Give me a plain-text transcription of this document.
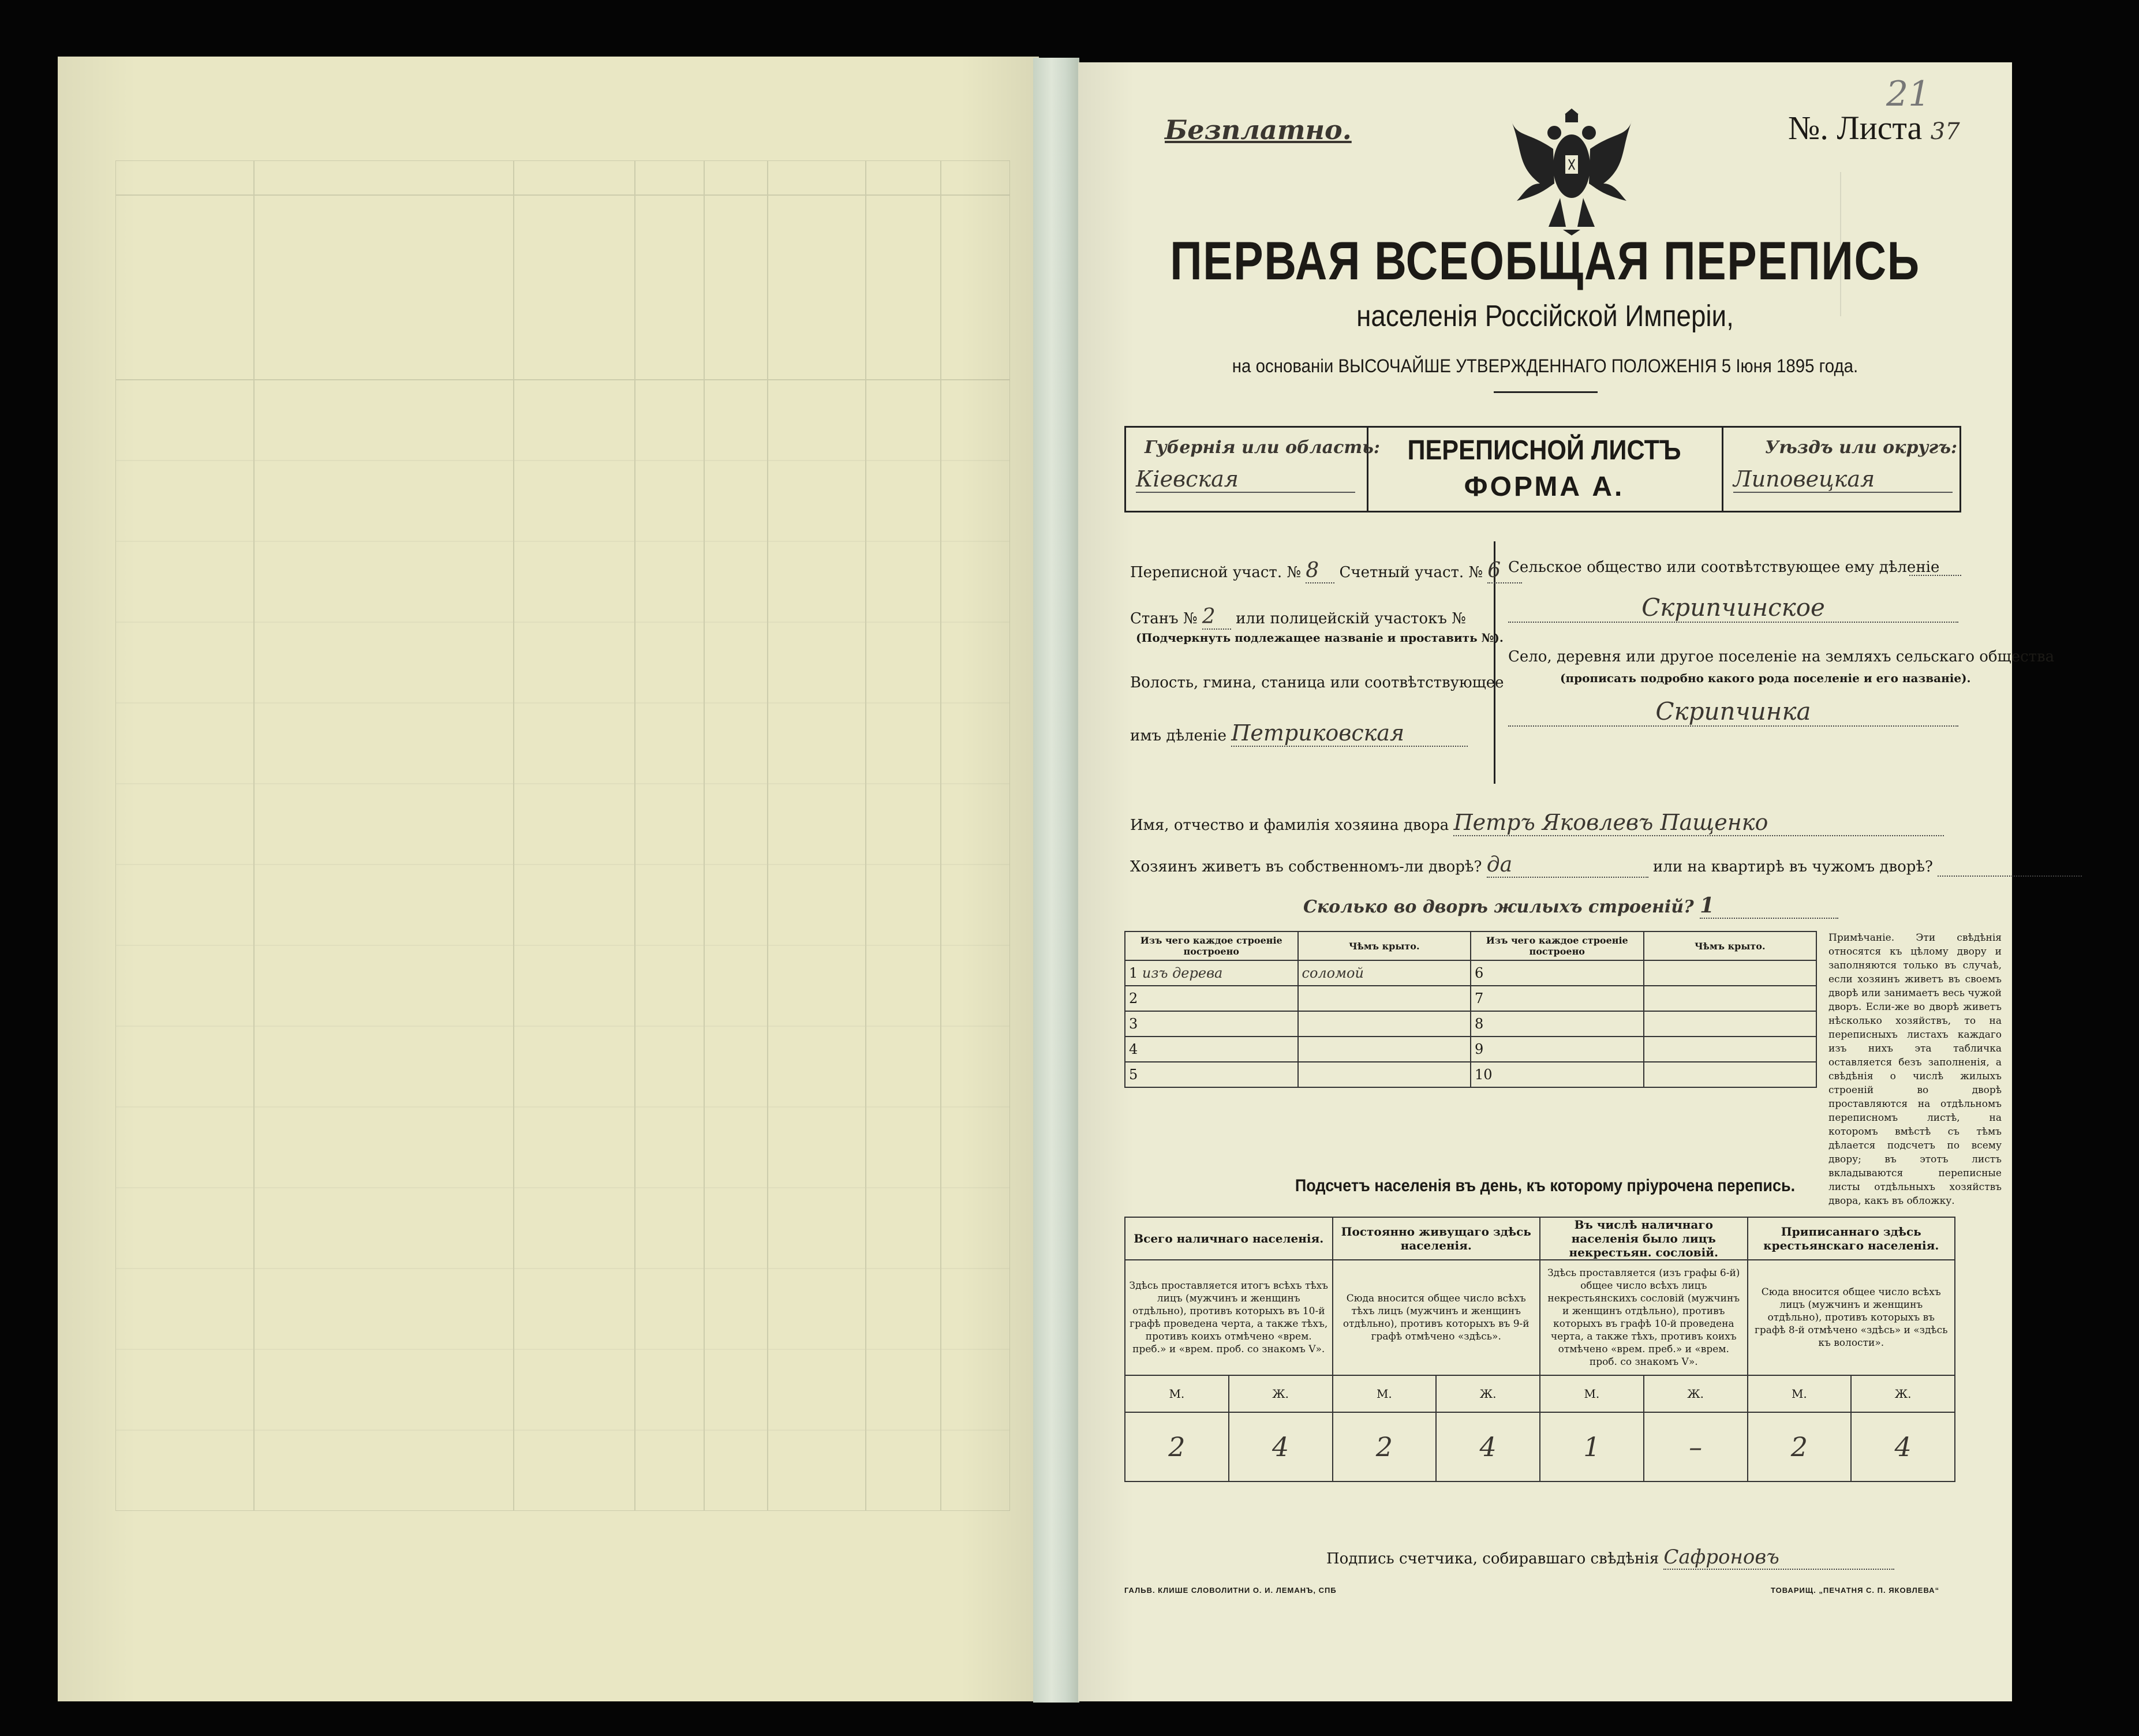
Безплатно.	№. Листа 37
21
ПЕРВАЯ ВСЕОБЩАЯ ПЕРЕПИСЬ
населенія Россійской Имперіи,
на основаніи ВЫСОЧАЙШЕ УТВЕРЖДЕННАГО ПОЛОЖЕНІЯ 5 Іюня 1895 года.
Губернія или область:
Кіевская
ПЕРЕПИСНОЙ ЛИСТЪ
ФОРМА А.
Уѣздъ или округъ:
Липовецкая
Переписной участ. № 8 Счетный участ. № 6
Станъ № 2 или полицейскій участокъ №
(Подчеркнуть подлежащее названіе и проставить №).
Волость, гмина, станица или соотвѣтствующее
имъ дѣленіе Петриковская
Сельское общество или соотвѣтствующее ему дѣленіе
Скрипчинское
Село, деревня или другое поселеніе на земляхъ сельскаго общества
(прописать подробно какого рода поселеніе и его названіе).
Скрипчинка
Имя, отчество и фамилія хозяина двора Петръ Яковлевъ Пащенко
Хозяинъ живетъ въ собственномъ-ли дворѣ? да	или на квартирѣ въ чужомъ дворѣ?
Сколько во дворѣ жилыхъ строеній? 1
Изъ чего каждое строеніе построено	Чѣмъ крыто.	Изъ чего каждое строеніе построено	Чѣмъ крыто.
1 изъ дерева	соломой	6	
2		7	
3		8	
4		9	
5		10	
Примѣчаніе. Эти свѣдѣнія относятся къ цѣлому двору и заполняются только въ случаѣ, если хозяинъ живетъ въ своемъ дворѣ или занимаетъ весь чужой дворъ. Если-же во дворѣ живетъ нѣсколько хозяйствъ, то на переписныхъ листахъ каждаго изъ нихъ эта табличка оставляется безъ заполненія, а свѣдѣнія о числѣ жилыхъ строеній во дворѣ проставляются на отдѣльномъ переписномъ листѣ, на которомъ вмѣстѣ съ тѣмъ дѣлается подсчетъ по всему двору; въ этотъ листъ вкладываются переписные листы отдѣльныхъ хозяйствъ двора, какъ въ обложку.
Подсчетъ населенія въ день, къ которому пріурочена перепись.
Всего наличнаго населенія.		Постоянно живущаго здѣсь населенія.		Въ числѣ наличнаго населенія было лицъ некрестьян. сословій.		Приписаннаго здѣсь крестьянскаго населенія.	
Здѣсь проставляется итогъ всѣхъ тѣхъ лицъ (мужчинъ и женщинъ отдѣльно), противъ которыхъ въ 10-й графѣ проведена черта, а также тѣхъ, противъ коихъ отмѣчено «врем. преб.» и «врем. проб. со знакомъ V».		Сюда вносится общее число всѣхъ тѣхъ лицъ (мужчинъ и женщинъ отдѣльно), противъ которыхъ въ 9-й графѣ отмѣчено «здѣсь».		Здѣсь проставляется (изъ графы 6-й) общее число всѣхъ лицъ некрестьянскихъ сословій (мужчинъ и женщинъ отдѣльно), противъ которыхъ въ графѣ 10-й проведена черта, а также тѣхъ, противъ коихъ отмѣчено «врем. преб.» и «врем. проб. со знакомъ V».		Сюда вносится общее число всѣхъ лицъ (мужчинъ и женщинъ отдѣльно), противъ которыхъ въ графѣ 8-й отмѣчено «здѣсь» и «здѣсь къ волости».	
М.	Ж.	М.	Ж.	М.	Ж.	М.	Ж.
2	4	2	4	1	–	2	4
Подпись счетчика, собиравшаго свѣдѣнія Сафроновъ
ГАЛЬВ. КЛИШЕ СЛОВОЛИТНИ О. И. ЛЕМАНЪ, СПБ	ТОВАРИЩ. „ПЕЧАТНЯ С. П. ЯКОВЛЕВА“
